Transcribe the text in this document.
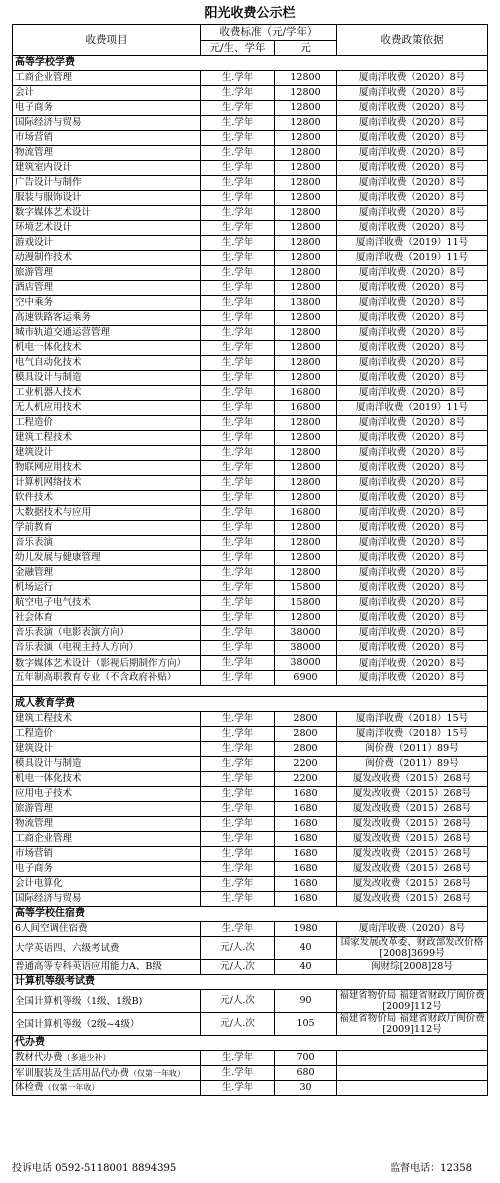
阳光收费公示栏
收费项目	收费标准（元/学年）		收费政策依据
	元/生、学年	元	
高等学校学费			
工商企业管理	生.学年	12800	厦南洋收费（2020）8号
会计	生.学年	12800	厦南洋收费（2020）8号
电子商务	生.学年	12800	厦南洋收费（2020）8号
国际经济与贸易	生.学年	12800	厦南洋收费（2020）8号
市场营销	生.学年	12800	厦南洋收费（2020）8号
物流管理	生.学年	12800	厦南洋收费（2020）8号
建筑室内设计	生.学年	12800	厦南洋收费（2020）8号
广告设计与制作	生.学年	12800	厦南洋收费（2020）8号
服装与服饰设计	生.学年	12800	厦南洋收费（2020）8号
数字媒体艺术设计	生.学年	12800	厦南洋收费（2020）8号
环境艺术设计	生.学年	12800	厦南洋收费（2020）8号
游戏设计	生.学年	12800	厦南洋收费（2019）11号
动漫制作技术	生.学年	12800	厦南洋收费（2019）11号
旅游管理	生.学年	12800	厦南洋收费（2020）8号
酒店管理	生.学年	12800	厦南洋收费（2020）8号
空中乘务	生.学年	13800	厦南洋收费（2020）8号
高速铁路客运乘务	生.学年	12800	厦南洋收费（2020）8号
城市轨道交通运营管理	生.学年	12800	厦南洋收费（2020）8号
机电一体化技术	生.学年	12800	厦南洋收费（2020）8号
电气自动化技术	生.学年	12800	厦南洋收费（2020）8号
模具设计与制造	生.学年	12800	厦南洋收费（2020）8号
工业机器人技术	生.学年	16800	厦南洋收费（2020）8号
无人机应用技术	生.学年	16800	厦南洋收费（2019）11号
工程造价	生.学年	12800	厦南洋收费（2020）8号
建筑工程技术	生.学年	12800	厦南洋收费（2020）8号
建筑设计	生.学年	12800	厦南洋收费（2020）8号
物联网应用技术	生.学年	12800	厦南洋收费（2020）8号
计算机网络技术	生.学年	12800	厦南洋收费（2020）8号
软件技术	生.学年	12800	厦南洋收费（2020）8号
大数据技术与应用	生.学年	16800	厦南洋收费（2020）8号
学前教育	生.学年	12800	厦南洋收费（2020）8号
音乐表演	生.学年	12800	厦南洋收费（2020）8号
幼儿发展与健康管理	生.学年	12800	厦南洋收费（2020）8号
金融管理	生.学年	12800	厦南洋收费（2020）8号
机场运行	生.学年	15800	厦南洋收费（2020）8号
航空电子电气技术	生.学年	15800	厦南洋收费（2020）8号
社会体育	生.学年	12800	厦南洋收费（2020）8号
音乐表演（电影表演方向）	生.学年	38000	厦南洋收费（2020）8号
音乐表演（电视主持人方向）	生.学年	38000	厦南洋收费（2020）8号
数字媒体艺术设计（影视后期制作方向）	生.学年	38000	厦南洋收费（2020）8号
五年制高职教育专业（不含政府补贴）	生.学年	6900	厦南洋收费（2020）8号

成人教育学费			
建筑工程技术	生.学年	2800	厦南洋收费（2018）15号
工程造价	生.学年	2800	厦南洋收费（2018）15号
建筑设计	生.学年	2800	闽价费（2011）89号
模具设计与制造	生.学年	2200	闽价费（2011）89号
机电一体化技术	生.学年	2200	厦发改收费（2015）268号
应用电子技术	生.学年	1680	厦发改收费（2015）268号
旅游管理	生.学年	1680	厦发改收费（2015）268号
物流管理	生.学年	1680	厦发改收费（2015）268号
工商企业管理	生.学年	1680	厦发改收费（2015）268号
市场营销	生.学年	1680	厦发改收费（2015）268号
电子商务	生.学年	1680	厦发改收费（2015）268号
会计电算化	生.学年	1680	厦发改收费（2015）268号
国际经济与贸易	生.学年	1680	厦发改收费（2015）268号
高等学校住宿费			
6人间空调住宿费	生.学年	1980	厦南洋收费（2020）8号
大学英语四、六级考试费	元/人.次	40	国家发展改革委、财政部发改价格[2008]3699号
普通高等专科英语应用能力A、B级	元/人.次	40	闽财综[2008]28号
计算机等级考试费			
全国计算机等级（1级、1级B)	元/人.次	90	福建省物价局 福建省财政厅闽价费[2009]112号
全国计算机等级（2级~4级）	元/人.次	105	福建省物价局 福建省财政厅闽价费[2009]112号
代办费			
教材代办费（多退少补）	生.学年	700	
军训服装及生活用品代办费（仅第一年收）	生.学年	680	
体检费（仅第一年收）	生.学年	30	
投诉电话 0592-5118001 8894395	监督电话：12358
